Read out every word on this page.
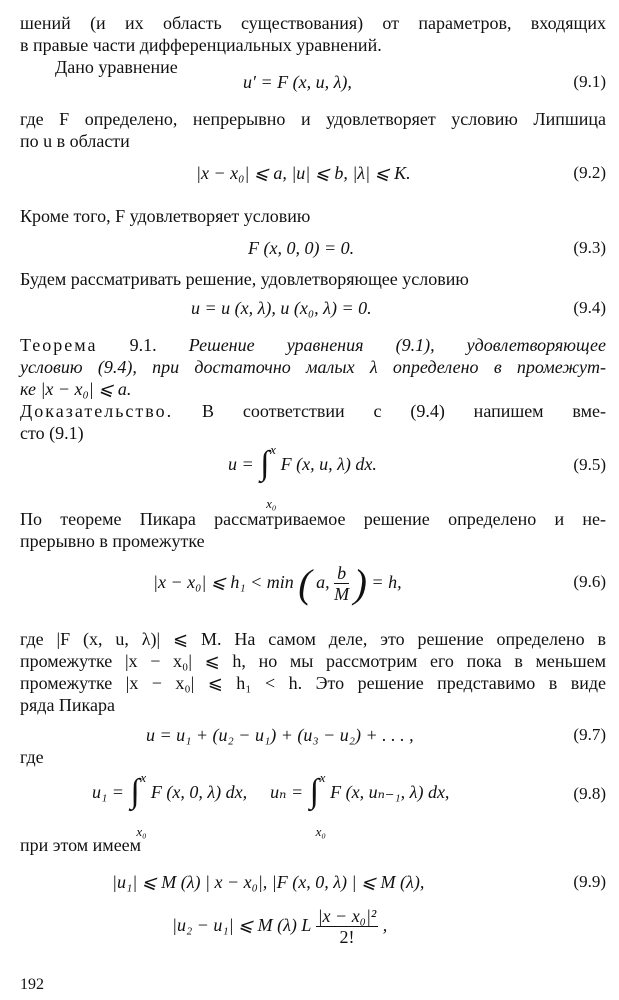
шений (и их область существования) от параметров, входящих
в правые части дифференциальных уравнений.
Дано уравнение
u′ = F (x, u, λ),	(9.1)
где F определено, непрерывно и удовлетворяет условию Липшица
по u в области
|x − x₀| ⩽ a, |u| ⩽ b, |λ| ⩽ K.	(9.2)
Кроме того, F удовлетворяет условию
F (x, 0, 0) = 0.	(9.3)
Будем рассматривать решение, удовлетворяющее условию
u = u (x, λ), u (x₀, λ) = 0.	(9.4)
Теорема 9.1. Решение уравнения (9.1), удовлетворяющее
условию (9.4), при достаточно малых λ определено в промежут-
ке |x − x₀| ⩽ a.
Доказательство. В соответствии с (9.4) напишем вме-
сто (9.1)
u = ∫ x
x₀
F (x, u, λ) dx.	(9.5)
По теореме Пикара рассматриваемое решение определено и не-
прерывно в промежутке
|x − x₀| ⩽ h₁ < min ( a, $\frac{b}{M}$ ) = h,	(9.6)
где |F (x, u, λ)| ⩽ M. На самом деле, это решение определено в
промежутке |x − x₀| ⩽ h, но мы рассмотрим его пока в меньшем
промежутке |x − x₀| ⩽ h₁ < h. Это решение представимо в виде
ряда Пикара
u = u₁ + (u₂ − u₁) + (u₃ − u₂) + . . . ,	(9.7)
где
u₁ = ∫ x
x₀
F (x, 0, λ) dx, uₙ = ∫ x
x₀
F (x, uₙ₋₁, λ) dx,	(9.8)
при этом имеем
|u₁| ⩽ M (λ) | x − x₀|, |F (x, 0, λ) | ⩽ M (λ),	(9.9)
|u₂ − u₁| ⩽ M (λ) L $\frac{\text{|x − x₀|²}}{2!}$ ,
192
